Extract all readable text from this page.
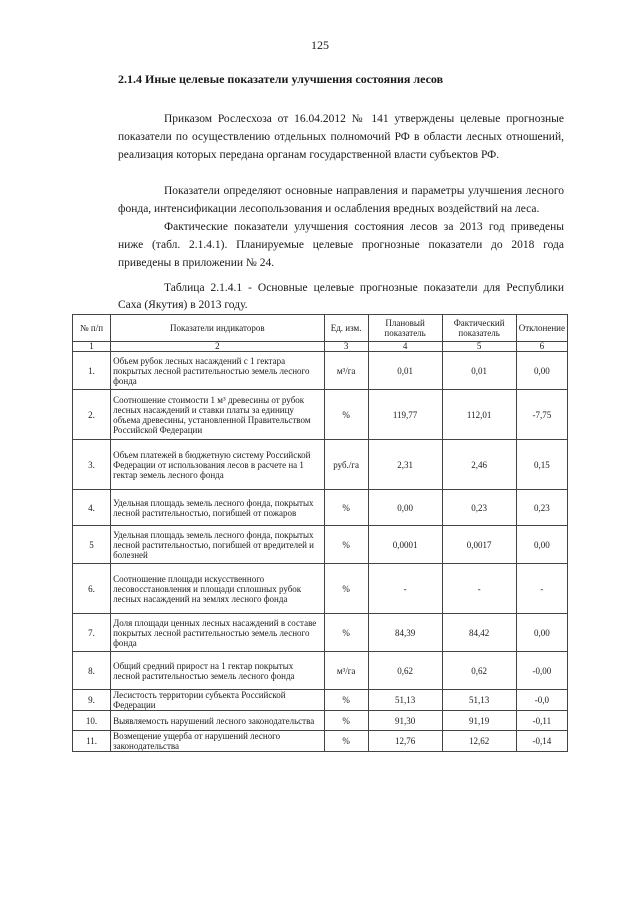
125
2.1.4 Иные целевые показатели улучшения состояния лесов
Приказом Рослесхоза от 16.04.2012 № 141 утверждены целевые прогнозные показатели по осуществлению отдельных полномочий РФ в области лесных отношений, реализация которых передана органам государственной власти субъектов РФ.
Показатели определяют основные направления и параметры улучшения лесного фонда, интенсификации лесопользования и ослабления вредных воздействий на леса.
Фактические показатели улучшения состояния лесов за 2013 год приведены ниже (табл. 2.1.4.1). Планируемые целевые прогнозные показатели до 2018 года приведены в приложении № 24.
Таблица 2.1.4.1 - Основные целевые прогнозные показатели для Республики Саха (Якутия) в 2013 году.
№ п/п	Показатели индикаторов	Ед. изм.	Плановый показатель	Фактический показатель	Отклонение
1	2	3	4	5	6
1.	Объем рубок лесных насаждений с 1 гектара покрытых лесной растительностью земель лесного фонда	м³/га	0,01	0,01	0,00
2.	Соотношение стоимости 1 м³ древесины от рубок лесных насаждений и ставки платы за единицу объема древесины, установленной Правительством Российской Федерации	%	119,77	112,01	-7,75
3.	Объем платежей в бюджетную систему Российской Федерации от использования лесов в расчете на 1 гектар земель лесного фонда	руб./га	2,31	2,46	0,15
4.	Удельная площадь земель лесного фонда, покрытых лесной растительностью, погибшей от пожаров	%	0,00	0,23	0,23
5	Удельная площадь земель лесного фонда, покрытых лесной растительностью, погибшей от вредителей и болезней	%	0,0001	0,0017	0,00
6.	Соотношение площади искусственного лесовосстановления и площади сплошных рубок лесных насаждений на землях лесного фонда	%	-	-	-
7.	Доля площади ценных лесных насаждений в составе покрытых лесной растительностью земель лесного фонда	%	84,39	84,42	0,00
8.	Общий средний прирост на 1 гектар покрытых лесной растительностью земель лесного фонда	м³/га	0,62	0,62	-0,00
9.	Лесистость территории субъекта Российской Федерации	%	51,13	51,13	-0,0
10.	Выявляемость нарушений лесного законодательства	%	91,30	91,19	-0,11
11.	Возмещение ущерба от нарушений лесного законодательства	%	12,76	12,62	-0,14
